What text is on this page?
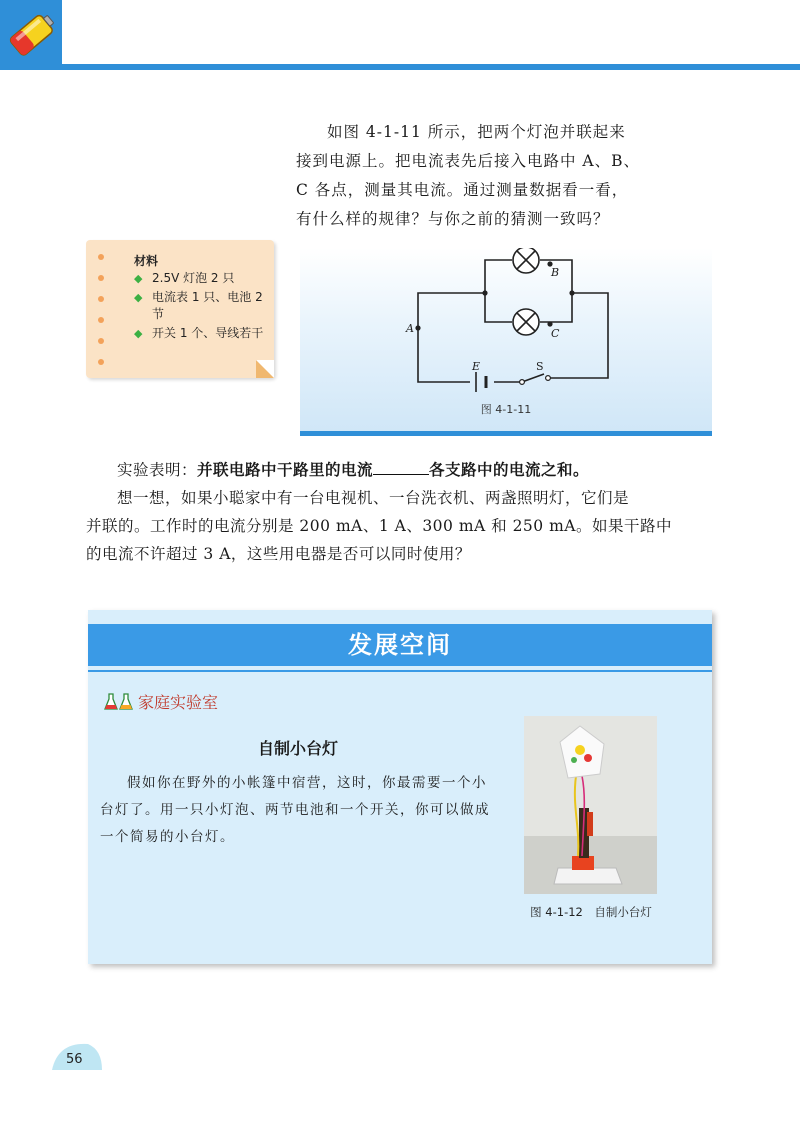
如图 4-1-11 所示，把两个灯泡并联起来

接到电源上。把电流表先后接入电路中 A、B、

C 各点，测量其电流。通过测量数据看一看，

有什么样的规律？与你之前的猜测一致吗？

材料
◆ 2.5V 灯泡 2 只
◆ 电流表 1 只、电池 2 节
◆ 开关 1 个、导线若干	A
B
C
E	S
图 4-1-11

实验表明：并联电路中干路里的电流	各支路中的电流之和。

想一想，如果小聪家中有一台电视机、一台洗衣机、两盏照明灯，它们是

并联的。工作时的电流分别是 200 mA、1 A、300 mA 和 250 mA。如果干路中

的电流不许超过 3 A，这些用电器是否可以同时使用？

发展空间
家庭实验室
自制小台灯

假如你在野外的小帐篷中宿营，这时，你最需要一个小台灯了。用一只小灯泡、两节电池和一个开关，你可以做成一个简易的小台灯。

图 4-1-12　自制小台灯
56
